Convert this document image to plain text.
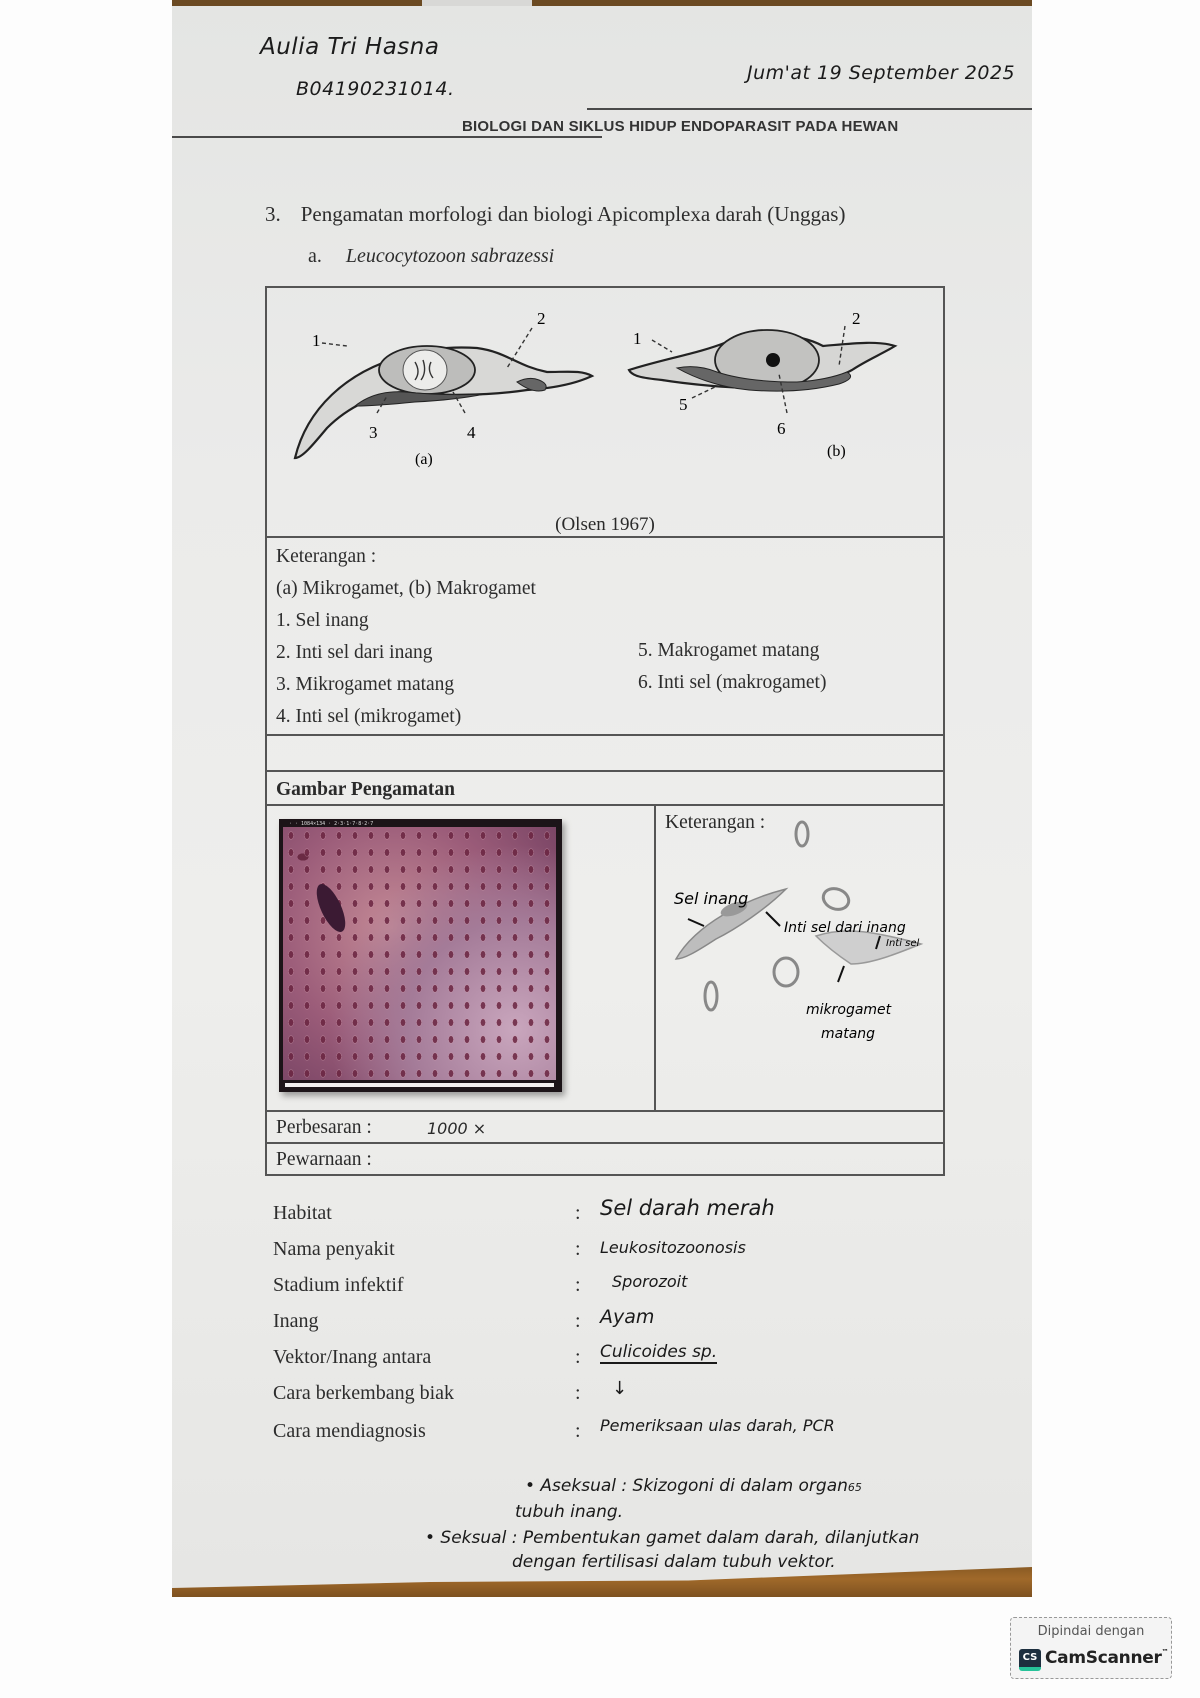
Aulia Tri Hasna
B04190231014.
Jum'at 19 September 2025
BIOLOGI DAN SIKLUS HIDUP ENDOPARASIT PADA HEWAN
3. Pengamatan morfologi dan biologi Apicomplexa darah (Unggas)
a. Leucocytozoon sabrazessi
1
2
3	4
(a)
1
2
5
6
(b)
(Olsen 1967)
Keterangan :
(a) Mikrogamet, (b) Makrogamet
1. Sel inang
2. Inti sel dari inang
3. Mikrogamet matang
4. Inti sel (mikrogamet)
5. Makrogamet matang
6. Inti sel (makrogamet)
Gambar Pengamatan
· · 1084×134 · 2·3·1·7·8·2·7	Keterangan :
Sel inang
Inti sel dari inang
Inti sel
mikrogamet matang
Perbesaran :	1000 ×
Pewarnaan :
Habitat	: Sel darah merah
Nama penyakit	: Leukositozoonosis
Stadium infektif	: Sporozoit
Inang	: Ayam
Vektor/Inang antara	: Culicoides sp.
Cara berkembang biak	: ↓
Cara mendiagnosis	: Pemeriksaan ulas darah, PCR
• Aseksual : Skizogoni di dalam organ65
tubuh inang.
• Seksual : Pembentukan gamet dalam darah, dilanjutkan
dengan fertilisasi dalam tubuh vektor.
Dipindai dengan
CS CamScanner™
